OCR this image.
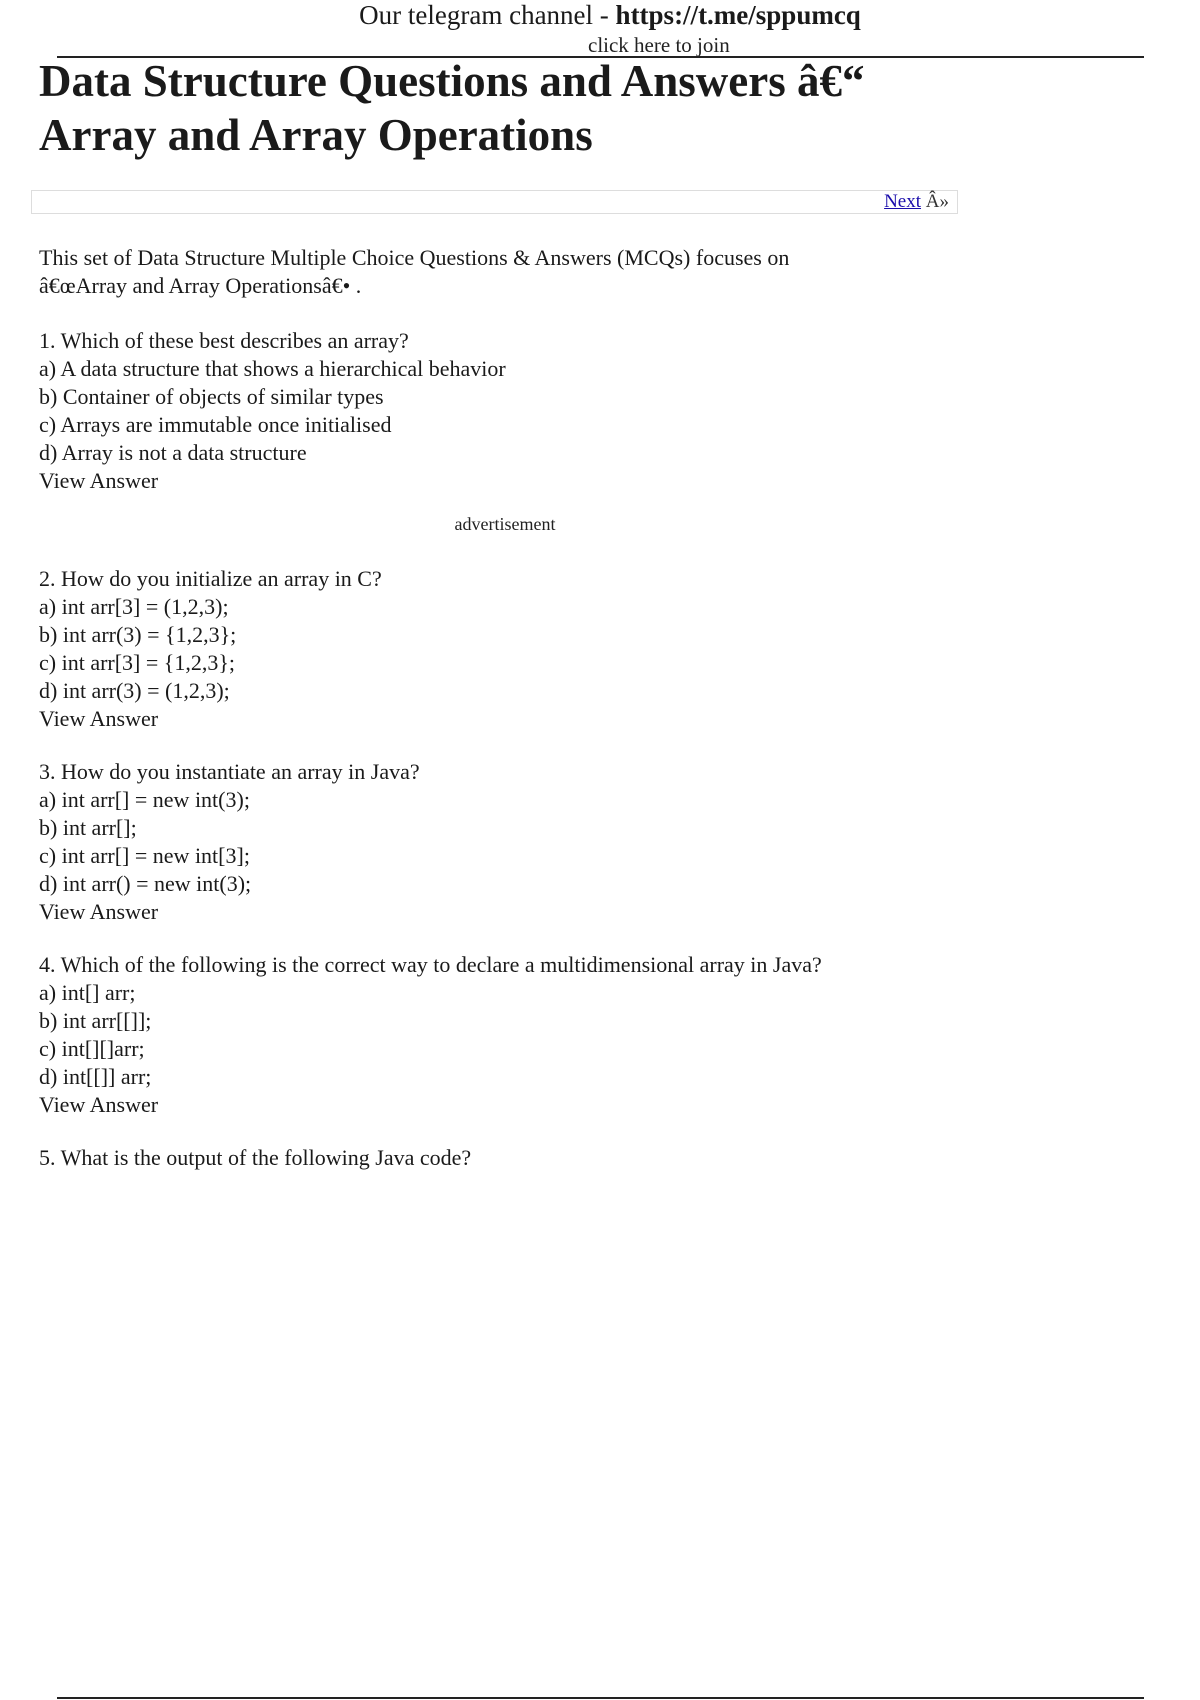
Our telegram channel - https://t.me/sppumcq
click here to join
Data Structure Questions and Answers â€“
Array and Array Operations
Next Â»

This set of Data Structure Multiple Choice Questions & Answers (MCQs) focuses on
â€œArray and Array Operationsâ€• .

1. Which of these best describes an array?

a) A data structure that shows a hierarchical behavior

b) Container of objects of similar types

c) Arrays are immutable once initialised

d) Array is not a data structure

View Answer

advertisement

2. How do you initialize an array in C?

a) int arr[3] = (1,2,3);

b) int arr(3) = {1,2,3};

c) int arr[3] = {1,2,3};

d) int arr(3) = (1,2,3);

View Answer

3. How do you instantiate an array in Java?

a) int arr[] = new int(3);

b) int arr[];

c) int arr[] = new int[3];

d) int arr() = new int(3);

View Answer

4. Which of the following is the correct way to declare a multidimensional array in Java?

a) int[] arr;

b) int arr[[]];

c) int[][]arr;

d) int[[]] arr;

View Answer

5. What is the output of the following Java code?
